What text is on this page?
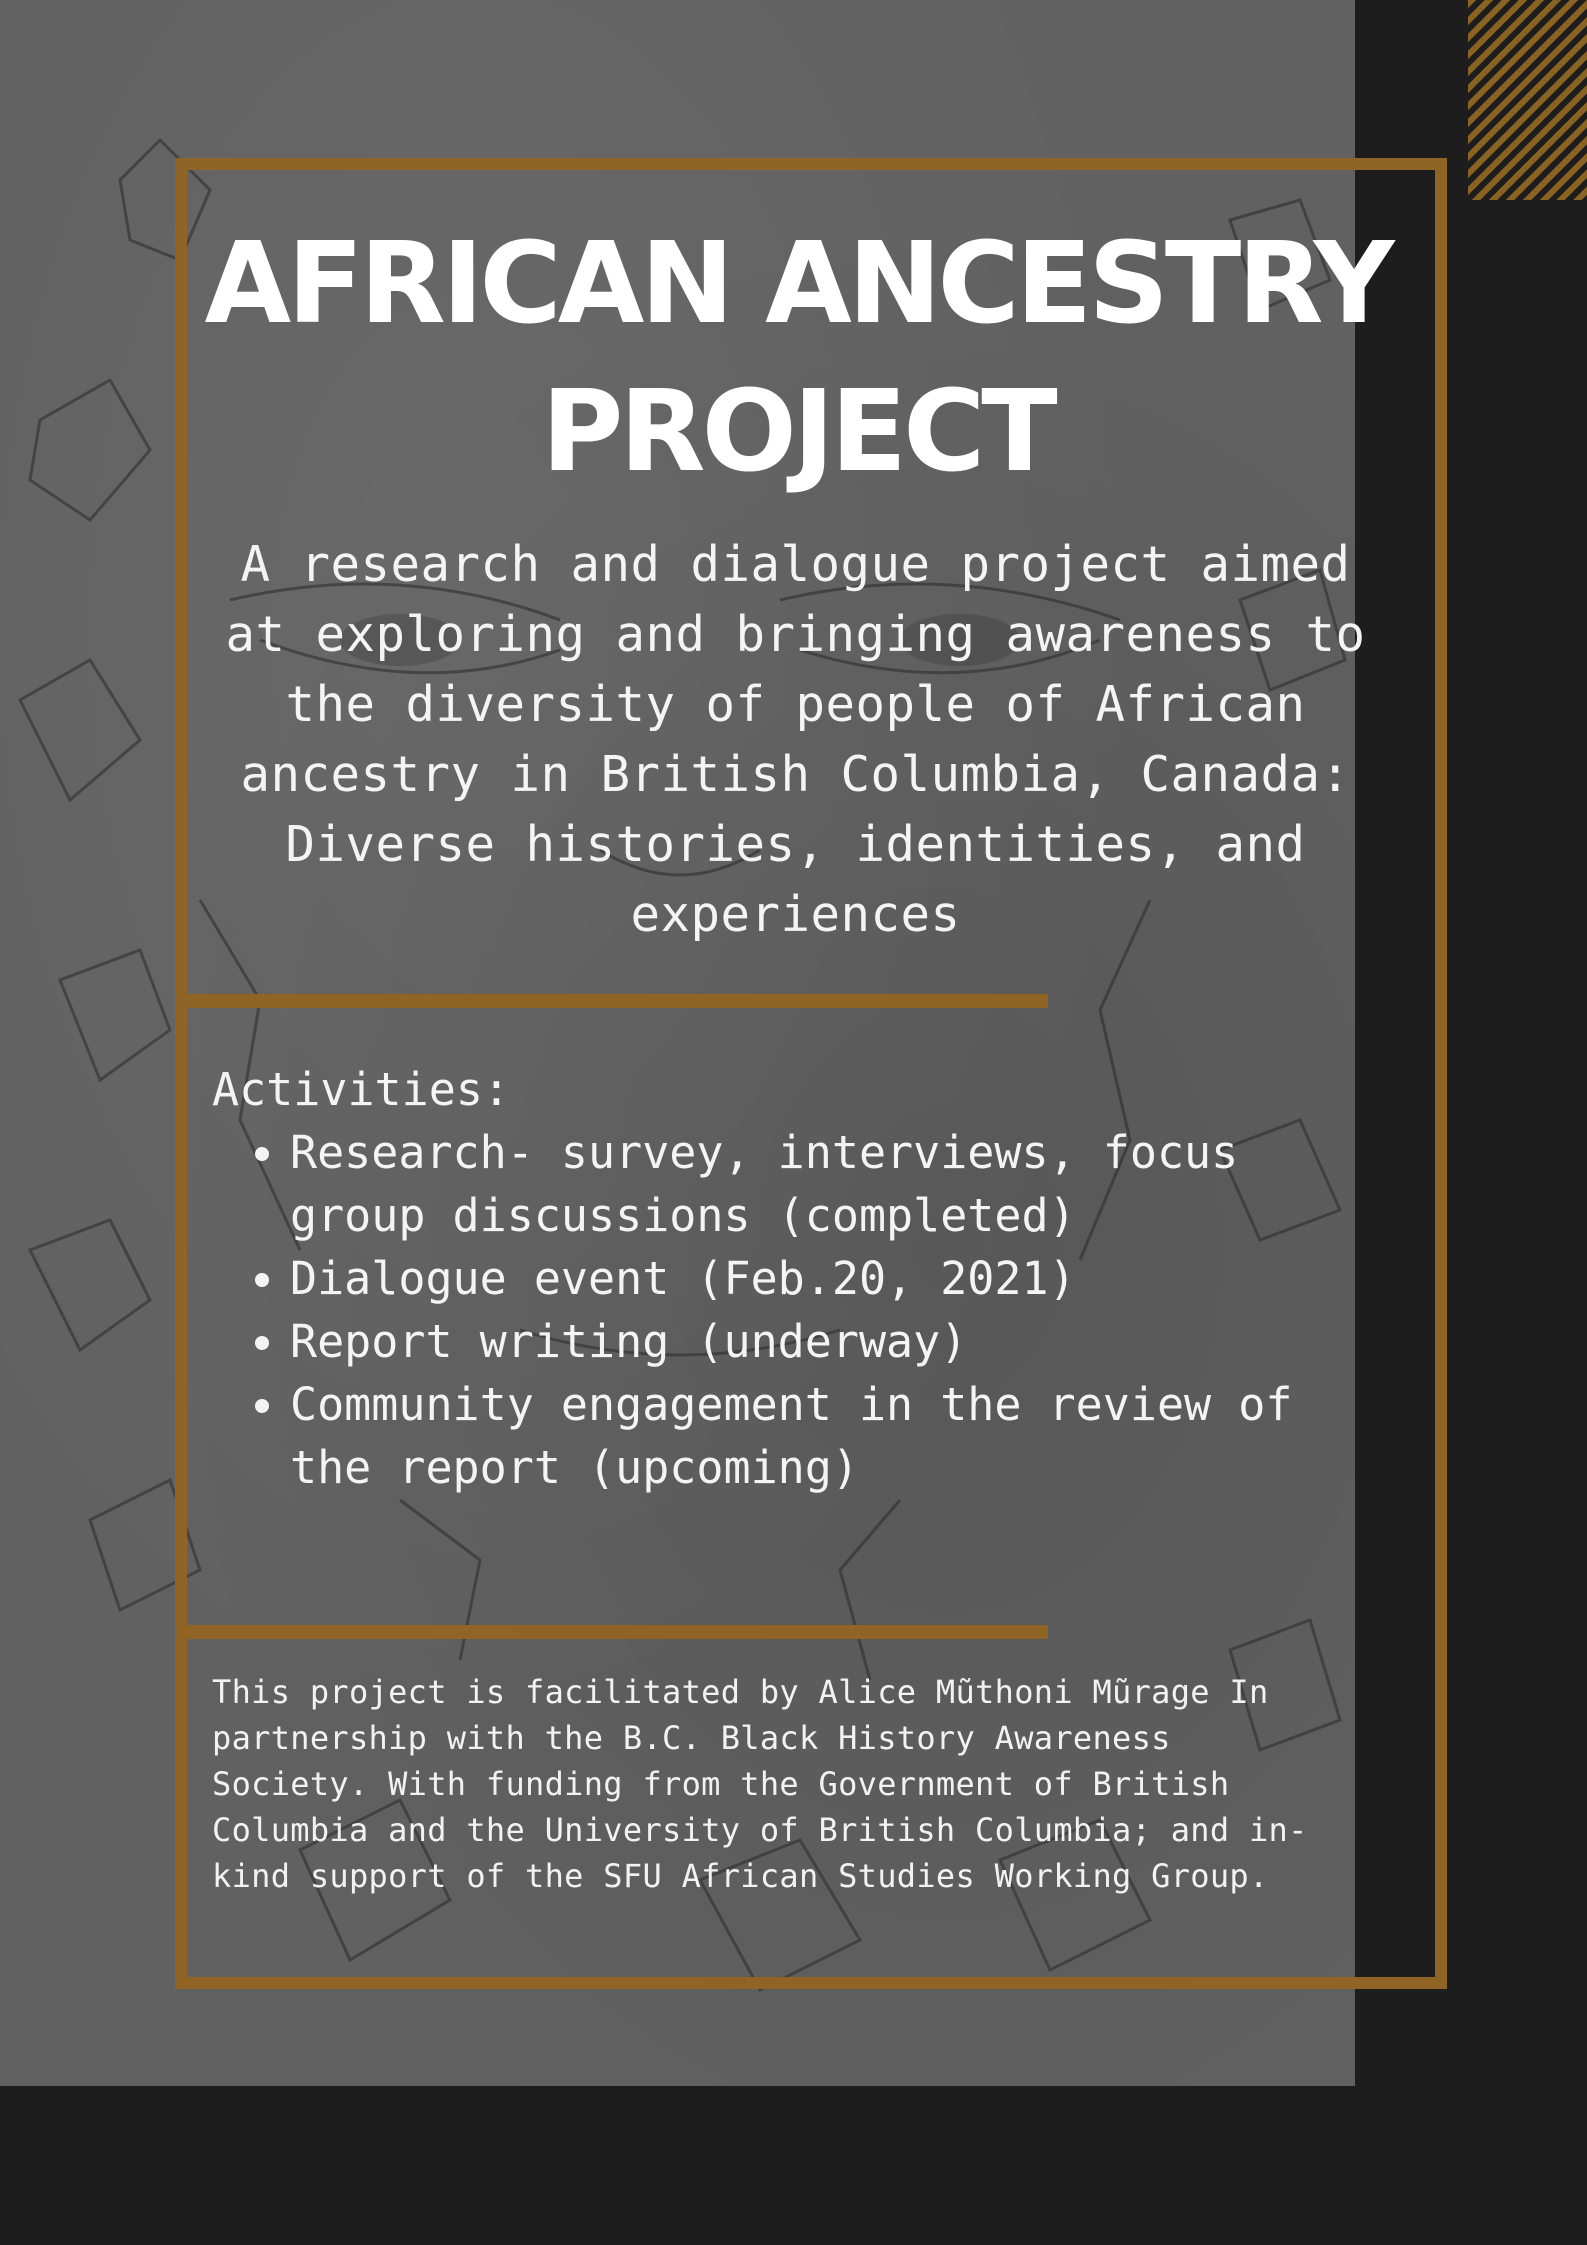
AFRICAN ANCESTRY
PROJECT

A research and dialogue project aimed at exploring and bringing awareness to the diversity of people of African ancestry in British Columbia, Canada: Diverse histories, identities, and experiences

Activities:

• Research- survey, interviews, focus group discussions (completed)
• Dialogue event (Feb.20, 2021)
• Report writing (underway)
• Community engagement in the review of the report (upcoming)

This project is facilitated by Alice Mũthoni Mũrage In partnership with the B.C. Black History Awareness Society. With funding from the Government of British Columbia and the University of British Columbia; and in-kind support of the SFU African Studies Working Group.
